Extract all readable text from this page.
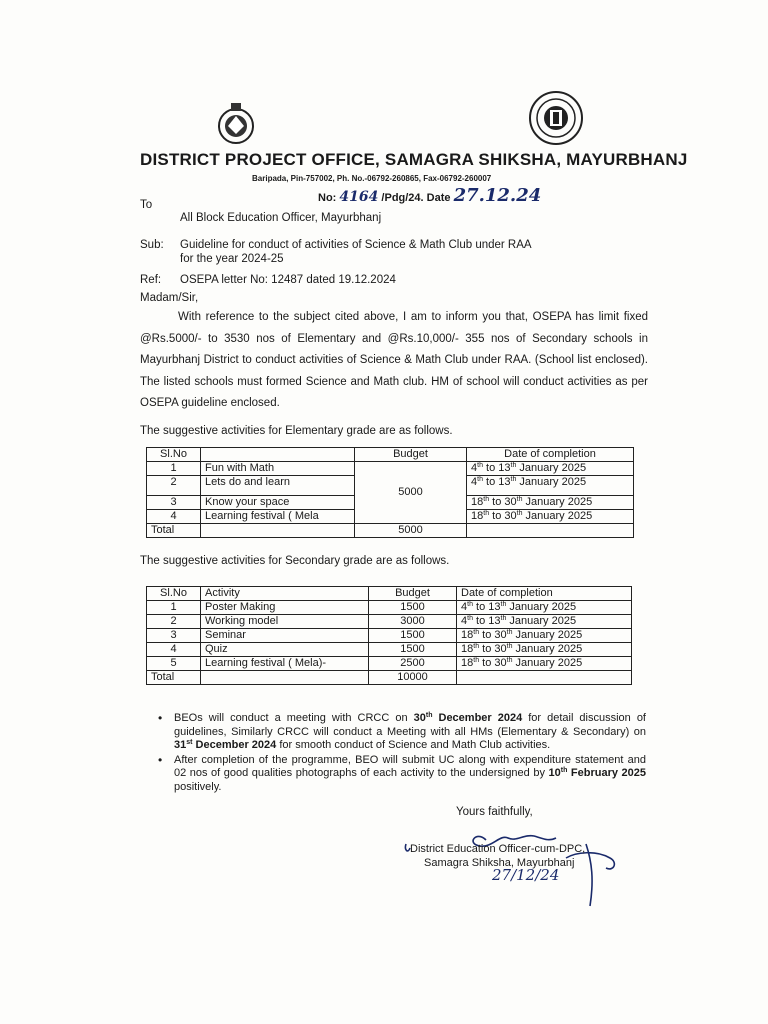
DISTRICT PROJECT OFFICE, SAMAGRA SHIKSHA, MAYURBHANJ
Baripada, Pin-757002, Ph. No.-06792-260865, Fax-06792-260007
No: 4164 /Pdg/24. Date 27.12.24
To
All Block Education Officer, Mayurbhanj
Sub: Guideline for conduct of activities of Science & Math Club under RAA
for the year 2024-25
Ref: OSEPA letter No: 12487 dated 19.12.2024
Madam/Sir,
With reference to the subject cited above, I am to inform you that, OSEPA has limit fixed @Rs.5000/- to 3530 nos of Elementary and @Rs.10,000/- 355 nos of Secondary schools in Mayurbhanj District to conduct activities of Science & Math Club under RAA. (School list enclosed). The listed schools must formed Science and Math club. HM of school will conduct activities as per OSEPA guideline enclosed.
The suggestive activities for Elementary grade are as follows.
Sl.No		Budget	Date of completion
1	Fun with Math	5000	4th to 13th January 2025
2	Lets do and learn		4th to 13th January 2025
3	Know your space		18th to 30th January 2025
4	Learning festival ( Mela		18th to 30th January 2025
Total		5000	
The suggestive activities for Secondary grade are as follows.
Sl.No	Activity	Budget	Date of completion
1	Poster Making	1500	4th to 13th January 2025
2	Working model	3000	4th to 13th January 2025
3	Seminar	1500	18th to 30th January 2025
4	Quiz	1500	18th to 30th January 2025
5	Learning festival ( Mela)-	2500	18th to 30th January 2025
Total		10000	
• BEOs will conduct a meeting with CRCC on 30th December 2024 for detail discussion of guidelines, Similarly CRCC will conduct a Meeting with all HMs (Elementary & Secondary) on 31st December 2024 for smooth conduct of Science and Math Club activities.
• After completion of the programme, BEO will submit UC along with expenditure statement and 02 nos of good qualities photographs of each activity to the undersigned by 10th February 2025 positively.
Yours faithfully,
District Education Officer-cum-DPC,
Samagra Shiksha, Mayurbhanj
27/12/24
